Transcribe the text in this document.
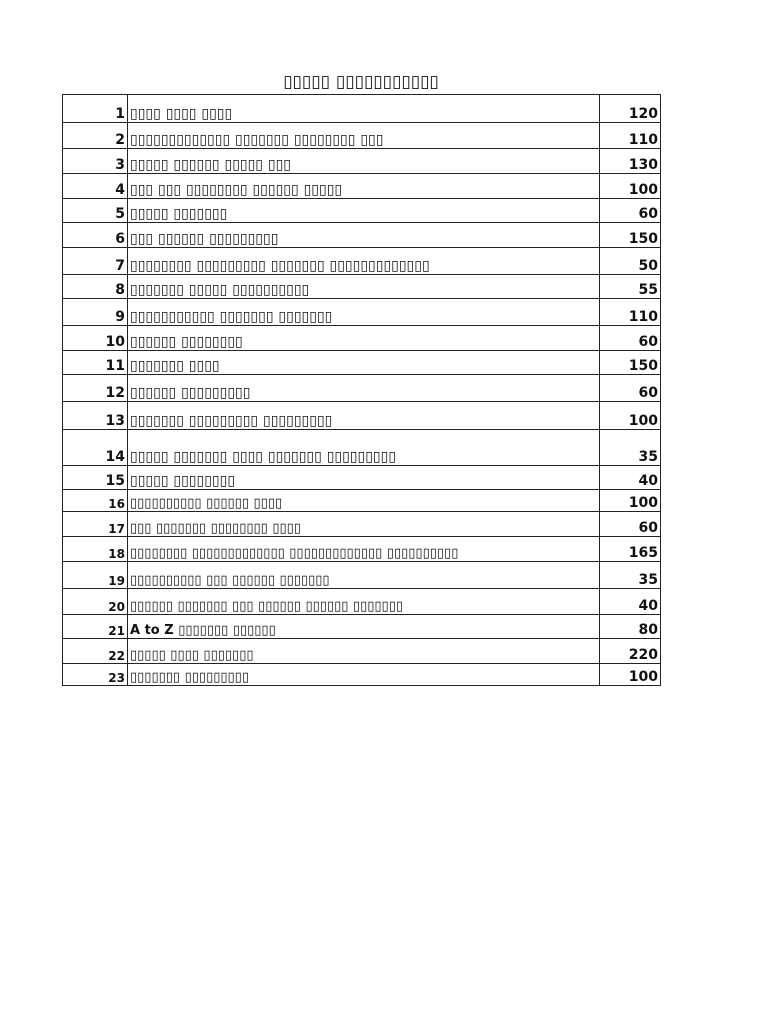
▯▯▯▯▯ ▯▯▯▯▯▯▯▯▯▯▯
1	▯▯▯▯ ▯▯▯▯ ▯▯▯▯	120
2	▯▯▯▯▯▯▯▯▯▯▯▯▯ ▯▯▯▯▯▯▯ ▯▯▯▯▯▯▯▯ ▯▯▯	110
3	▯▯▯▯▯ ▯▯▯▯▯▯ ▯▯▯▯▯ ▯▯▯	130
4	▯▯▯ ▯▯▯ ▯▯▯▯▯▯▯▯ ▯▯▯▯▯▯ ▯▯▯▯▯	100
5	▯▯▯▯▯ ▯▯▯▯▯▯▯	60
6	▯▯▯ ▯▯▯▯▯▯ ▯▯▯▯▯▯▯▯▯	150
7	▯▯▯▯▯▯▯▯ ▯▯▯▯▯▯▯▯▯ ▯▯▯▯▯▯▯ ▯▯▯▯▯▯▯▯▯▯▯▯▯	50
8	▯▯▯▯▯▯▯ ▯▯▯▯▯ ▯▯▯▯▯▯▯▯▯▯	55
9	▯▯▯▯▯▯▯▯▯▯▯ ▯▯▯▯▯▯▯ ▯▯▯▯▯▯▯	110
10	▯▯▯▯▯▯ ▯▯▯▯▯▯▯▯	60
11	▯▯▯▯▯▯▯ ▯▯▯▯	150
12	▯▯▯▯▯▯ ▯▯▯▯▯▯▯▯▯	60
13	▯▯▯▯▯▯▯ ▯▯▯▯▯▯▯▯▯ ▯▯▯▯▯▯▯▯▯	100
14	▯▯▯▯▯ ▯▯▯▯▯▯▯ ▯▯▯▯ ▯▯▯▯▯▯▯ ▯▯▯▯▯▯▯▯▯	35
15	▯▯▯▯▯ ▯▯▯▯▯▯▯▯	40
16	▯▯▯▯▯▯▯▯▯▯ ▯▯▯▯▯▯ ▯▯▯▯	100
17	▯▯▯ ▯▯▯▯▯▯▯ ▯▯▯▯▯▯▯▯ ▯▯▯▯	60
18	▯▯▯▯▯▯▯▯ ▯▯▯▯▯▯▯▯▯▯▯▯▯ ▯▯▯▯▯▯▯▯▯▯▯▯▯ ▯▯▯▯▯▯▯▯▯▯	165
19	▯▯▯▯▯▯▯▯▯▯ ▯▯▯ ▯▯▯▯▯▯ ▯▯▯▯▯▯▯	35
20	▯▯▯▯▯▯ ▯▯▯▯▯▯▯ ▯▯▯ ▯▯▯▯▯▯ ▯▯▯▯▯▯ ▯▯▯▯▯▯▯	40
21	A to Z ▯▯▯▯▯▯▯ ▯▯▯▯▯▯	80
22	▯▯▯▯▯ ▯▯▯▯ ▯▯▯▯▯▯▯	220
23	▯▯▯▯▯▯▯ ▯▯▯▯▯▯▯▯▯	100
